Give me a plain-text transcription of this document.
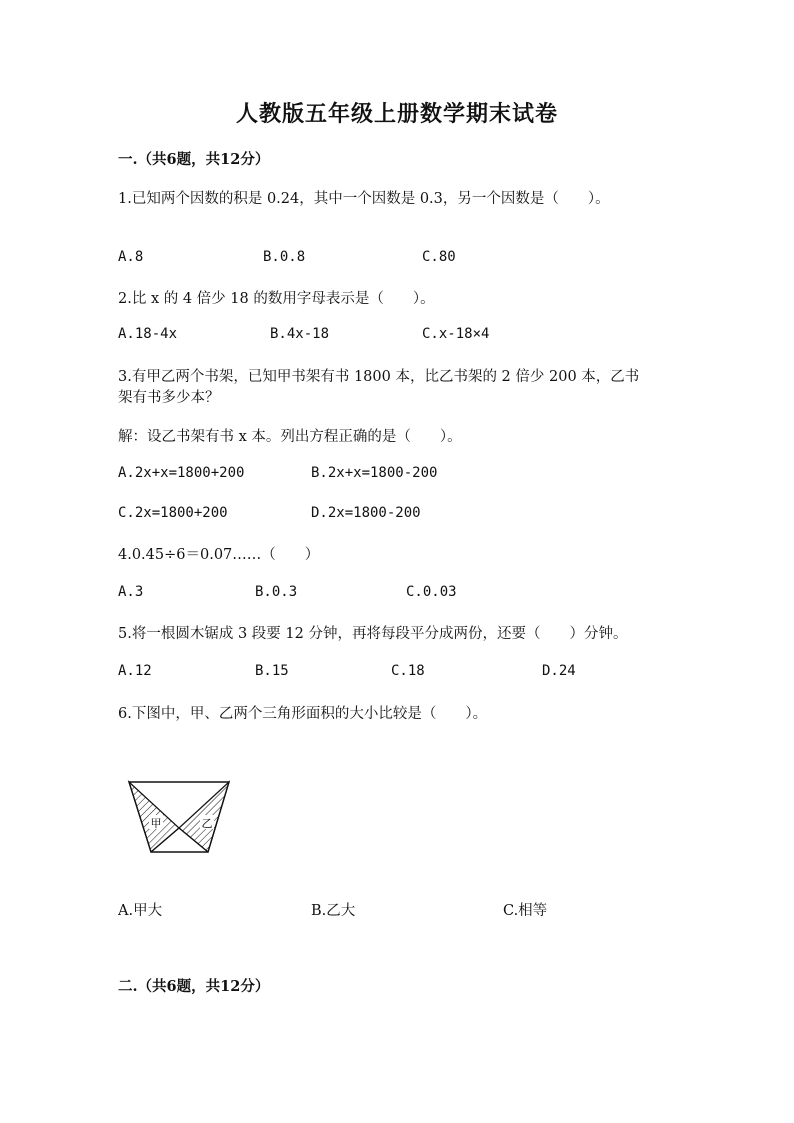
人教版五年级上册数学期末试卷
一.（共6题，共12分）
1.已知两个因数的积是 0.24，其中一个因数是 0.3，另一个因数是（　　）。
A.8	B.0.8	C.80
2.比 x 的 4 倍少 18 的数用字母表示是（　　）。
A.18-4x	B.4x-18	C.x-18×4
3.有甲乙两个书架，已知甲书架有书 1800 本，比乙书架的 2 倍少 200 本，乙书
架有书多少本？
解：设乙书架有书 x 本。列出方程正确的是（　　）。
A.2x+x=1800+200	B.2x+x=1800-200
C.2x=1800+200	D.2x=1800-200
4.0.45÷6＝0.07……（　　）
A.3	B.0.3	C.0.03
5.将一根圆木锯成 3 段要 12 分钟，再将每段平分成两份，还要（　　）分钟。
A.12	B.15	C.18	D.24
6.下图中，甲、乙两个三角形面积的大小比较是（　　）。
甲	乙
A.甲大	B.乙大	C.相等
二.（共6题，共12分）
